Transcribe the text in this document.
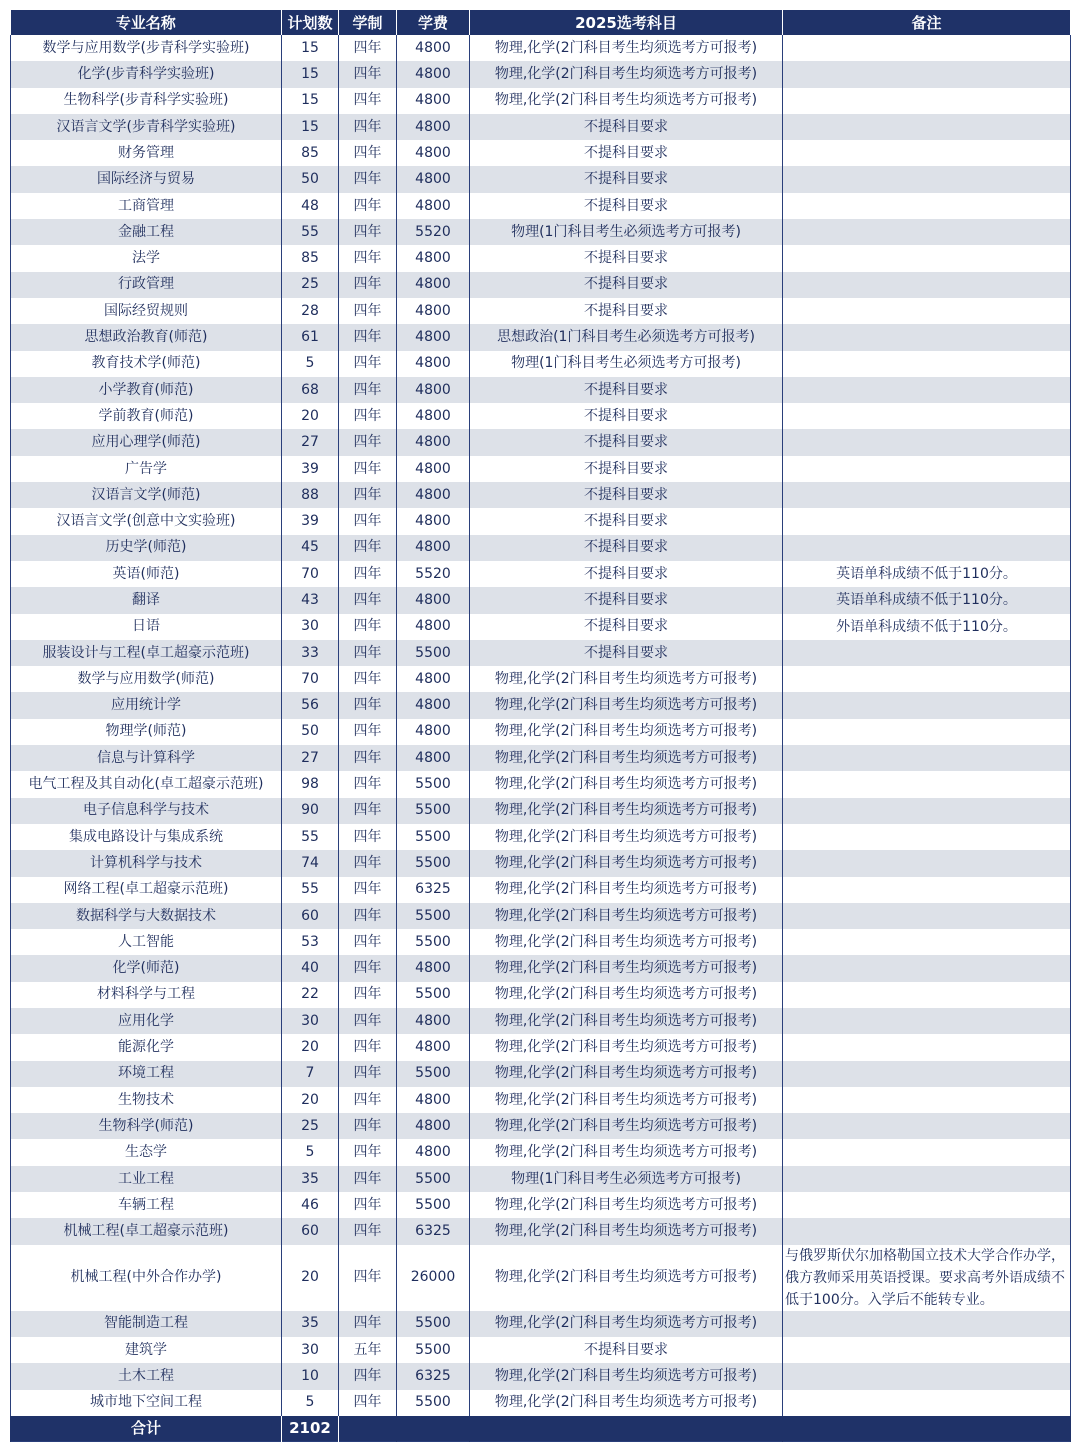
专业名称	计划数	学制	学费	2025选考科目	备注
数学与应用数学(步青科学实验班)	15	四年	4800	物理,化学(2门科目考生均须选考方可报考)	
化学(步青科学实验班)	15	四年	4800	物理,化学(2门科目考生均须选考方可报考)	
生物科学(步青科学实验班)	15	四年	4800	物理,化学(2门科目考生均须选考方可报考)	
汉语言文学(步青科学实验班)	15	四年	4800	不提科目要求	
财务管理	85	四年	4800	不提科目要求	
国际经济与贸易	50	四年	4800	不提科目要求	
工商管理	48	四年	4800	不提科目要求	
金融工程	55	四年	5520	物理(1门科目考生必须选考方可报考)	
法学	85	四年	4800	不提科目要求	
行政管理	25	四年	4800	不提科目要求	
国际经贸规则	28	四年	4800	不提科目要求	
思想政治教育(师范)	61	四年	4800	思想政治(1门科目考生必须选考方可报考)	
教育技术学(师范)	5	四年	4800	物理(1门科目考生必须选考方可报考)	
小学教育(师范)	68	四年	4800	不提科目要求	
学前教育(师范)	20	四年	4800	不提科目要求	
应用心理学(师范)	27	四年	4800	不提科目要求	
广告学	39	四年	4800	不提科目要求	
汉语言文学(师范)	88	四年	4800	不提科目要求	
汉语言文学(创意中文实验班)	39	四年	4800	不提科目要求	
历史学(师范)	45	四年	4800	不提科目要求	
英语(师范)	70	四年	5520	不提科目要求	英语单科成绩不低于110分。
翻译	43	四年	4800	不提科目要求	英语单科成绩不低于110分。
日语	30	四年	4800	不提科目要求	外语单科成绩不低于110分。
服装设计与工程(卓工超豪示范班)	33	四年	5500	不提科目要求	
数学与应用数学(师范)	70	四年	4800	物理,化学(2门科目考生均须选考方可报考)	
应用统计学	56	四年	4800	物理,化学(2门科目考生均须选考方可报考)	
物理学(师范)	50	四年	4800	物理,化学(2门科目考生均须选考方可报考)	
信息与计算科学	27	四年	4800	物理,化学(2门科目考生均须选考方可报考)	
电气工程及其自动化(卓工超豪示范班)	98	四年	5500	物理,化学(2门科目考生均须选考方可报考)	
电子信息科学与技术	90	四年	5500	物理,化学(2门科目考生均须选考方可报考)	
集成电路设计与集成系统	55	四年	5500	物理,化学(2门科目考生均须选考方可报考)	
计算机科学与技术	74	四年	5500	物理,化学(2门科目考生均须选考方可报考)	
网络工程(卓工超豪示范班)	55	四年	6325	物理,化学(2门科目考生均须选考方可报考)	
数据科学与大数据技术	60	四年	5500	物理,化学(2门科目考生均须选考方可报考)	
人工智能	53	四年	5500	物理,化学(2门科目考生均须选考方可报考)	
化学(师范)	40	四年	4800	物理,化学(2门科目考生均须选考方可报考)	
材料科学与工程	22	四年	5500	物理,化学(2门科目考生均须选考方可报考)	
应用化学	30	四年	4800	物理,化学(2门科目考生均须选考方可报考)	
能源化学	20	四年	4800	物理,化学(2门科目考生均须选考方可报考)	
环境工程	7	四年	5500	物理,化学(2门科目考生均须选考方可报考)	
生物技术	20	四年	4800	物理,化学(2门科目考生均须选考方可报考)	
生物科学(师范)	25	四年	4800	物理,化学(2门科目考生均须选考方可报考)	
生态学	5	四年	4800	物理,化学(2门科目考生均须选考方可报考)	
工业工程	35	四年	5500	物理(1门科目考生必须选考方可报考)	
车辆工程	46	四年	5500	物理,化学(2门科目考生均须选考方可报考)	
机械工程(卓工超豪示范班)	60	四年	6325	物理,化学(2门科目考生均须选考方可报考)	
机械工程(中外合作办学)	20	四年	26000	物理,化学(2门科目考生均须选考方可报考)	与俄罗斯伏尔加格勒国立技术大学合作办学，俄方教师采用英语授课。要求高考外语成绩不低于100分。入学后不能转专业。
智能制造工程	35	四年	5500	物理,化学(2门科目考生均须选考方可报考)	
建筑学	30	五年	5500	不提科目要求	
土木工程	10	四年	6325	物理,化学(2门科目考生均须选考方可报考)	
城市地下空间工程	5	四年	5500	物理,化学(2门科目考生均须选考方可报考)	
合计	2102				
